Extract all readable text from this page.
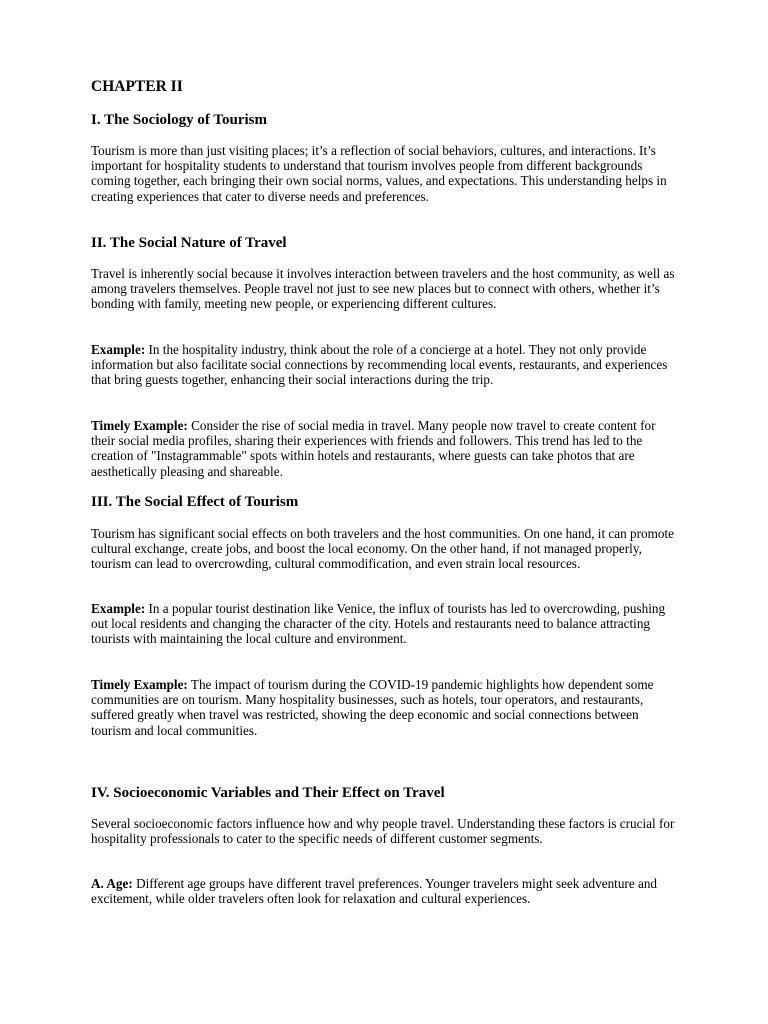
CHAPTER II
I. The Sociology of Tourism

Tourism is more than just visiting places; it’s a reflection of social behaviors, cultures, and interactions. It’s important for hospitality students to understand that tourism involves people from different backgrounds coming together, each bringing their own social norms, values, and expectations. This understanding helps in creating experiences that cater to diverse needs and preferences.

II. The Social Nature of Travel

Travel is inherently social because it involves interaction between travelers and the host community, as well as among travelers themselves. People travel not just to see new places but to connect with others, whether it’s bonding with family, meeting new people, or experiencing different cultures.

Example: In the hospitality industry, think about the role of a concierge at a hotel. They not only provide information but also facilitate social connections by recommending local events, restaurants, and experiences that bring guests together, enhancing their social interactions during the trip.

Timely Example: Consider the rise of social media in travel. Many people now travel to create content for their social media profiles, sharing their experiences with friends and followers. This trend has led to the creation of "Instagrammable" spots within hotels and restaurants, where guests can take photos that are aesthetically pleasing and shareable.

III. The Social Effect of Tourism

Tourism has significant social effects on both travelers and the host communities. On one hand, it can promote cultural exchange, create jobs, and boost the local economy. On the other hand, if not managed properly, tourism can lead to overcrowding, cultural commodification, and even strain local resources.

Example: In a popular tourist destination like Venice, the influx of tourists has led to overcrowding, pushing out local residents and changing the character of the city. Hotels and restaurants need to balance attracting tourists with maintaining the local culture and environment.

Timely Example: The impact of tourism during the COVID-19 pandemic highlights how dependent some communities are on tourism. Many hospitality businesses, such as hotels, tour operators, and restaurants, suffered greatly when travel was restricted, showing the deep economic and social connections between tourism and local communities.

IV. Socioeconomic Variables and Their Effect on Travel

Several socioeconomic factors influence how and why people travel. Understanding these factors is crucial for hospitality professionals to cater to the specific needs of different customer segments.

A. Age: Different age groups have different travel preferences. Younger travelers might seek adventure and excitement, while older travelers often look for relaxation and cultural experiences.
